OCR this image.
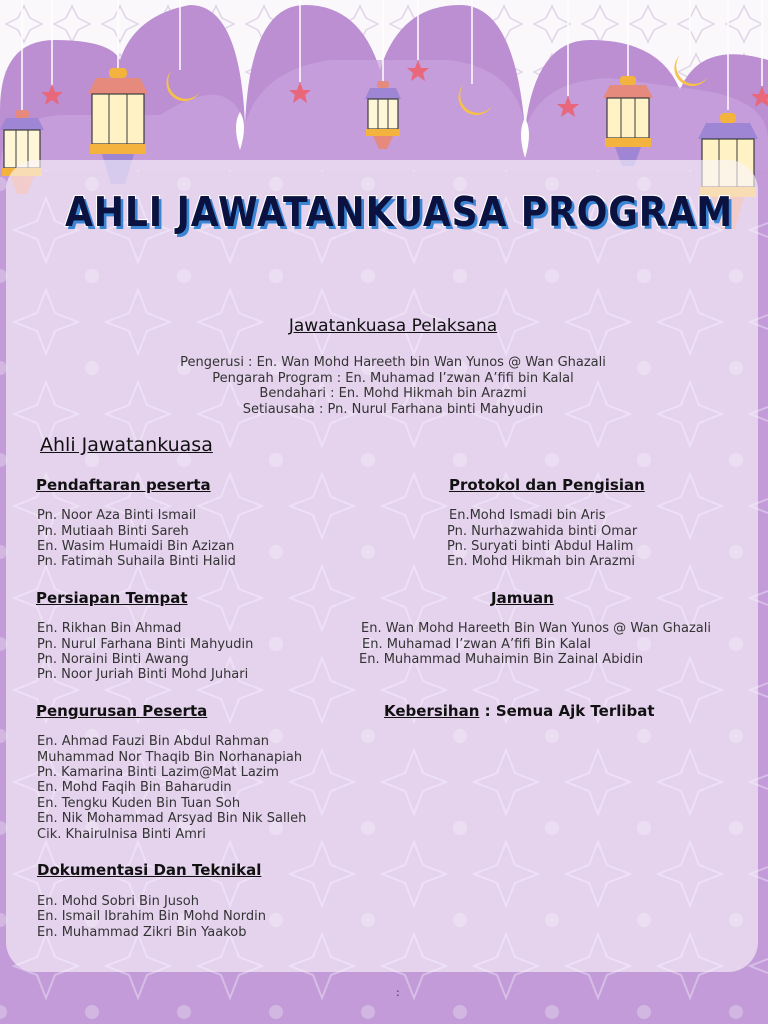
AHLI JAWATANKUASA PROGRAM
Jawatankuasa Pelaksana
Pengerusi : En. Wan Mohd Hareeth bin Wan Yunos @ Wan Ghazali
Pengarah Program : En. Muhamad I’zwan A’fifi bin Kalal
Bendahari : En. Mohd Hikmah bin Arazmi
Setiausaha : Pn. Nurul Farhana binti Mahyudin
Ahli Jawatankuasa
Pendaftaran peserta
Pn. Noor Aza Binti Ismail
Pn. Mutiaah Binti Sareh
En. Wasim Humaidi Bin Azizan
Pn. Fatimah Suhaila Binti Halid
Protokol dan Pengisian
En.Mohd Ismadi bin Aris
Pn. Nurhazwahida binti Omar
Pn. Suryati binti Abdul Halim
En. Mohd Hikmah bin Arazmi
Persiapan Tempat
En. Rikhan Bin Ahmad
Pn. Nurul Farhana Binti Mahyudin
Pn. Noraini Binti Awang
Pn. Noor Juriah Binti Mohd Juhari
Jamuan
En. Wan Mohd Hareeth Bin Wan Yunos @ Wan Ghazali
En. Muhamad I’zwan A’fifi Bin Kalal
En. Muhammad Muhaimin Bin Zainal Abidin
Pengurusan Peserta
En. Ahmad Fauzi Bin Abdul Rahman
Muhammad Nor Thaqib Bin Norhanapiah
Pn. Kamarina Binti Lazim@Mat Lazim
En. Mohd Faqih Bin Baharudin
En. Tengku Kuden Bin Tuan Soh
En. Nik Mohammad Arsyad Bin Nik Salleh
Cik. Khairulnisa Binti Amri
Kebersihan : Semua Ajk Terlibat
Dokumentasi Dan Teknikal
En. Mohd Sobri Bin Jusoh
En. Ismail Ibrahim Bin Mohd Nordin
En. Muhammad Zikri Bin Yaakob
:
